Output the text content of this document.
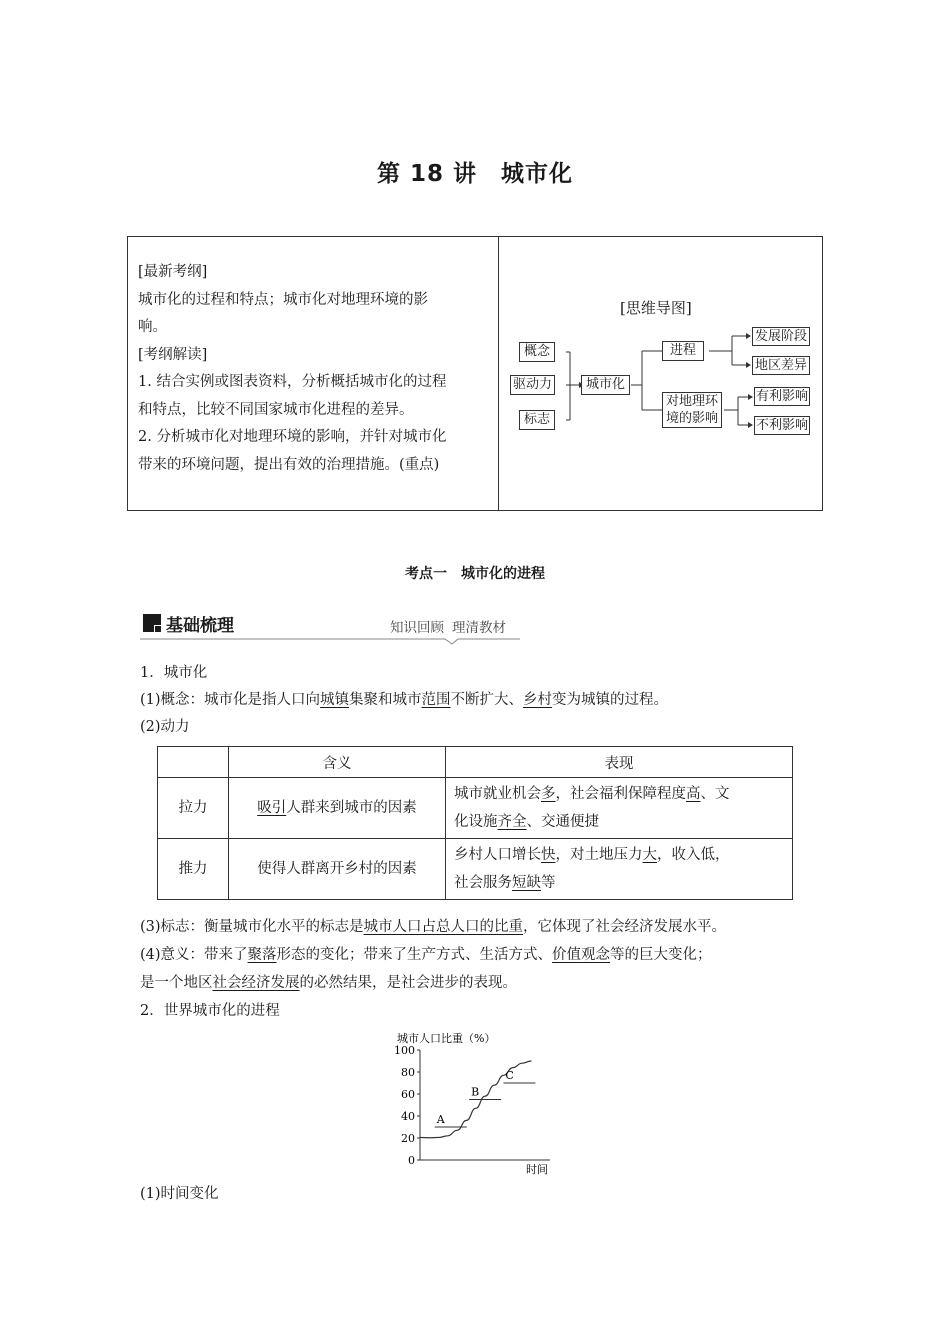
第 18 讲 城市化
[最新考纲]
城市化的过程和特点；城市化对地理环境的影
响。
[考纲解读]
1. 结合实例或图表资料，分析概括城市化的过程
和特点，比较不同国家城市化进程的差异。
2. 分析城市化对地理环境的影响，并针对城市化
带来的环境问题，提出有效的治理措施。(重点)
[思维导图]
概念
驱动力
标志
城市化
进程
对地理环
境的影响
发展阶段
地区差异
有利影响
不利影响
考点一 城市化的进程
基础梳理	知识回顾 理清教材
1．城市化
(1)概念：城市化是指人口向城镇集聚和城市范围不断扩大、乡村变为城镇的过程。
(2)动力
	含义	表现
拉力	吸引人群来到城市的因素	城市就业机会多，社会福利保障程度高、文
化设施齐全、交通便捷
推力	使得人群离开乡村的因素	乡村人口增长快，对土地压力大，收入低，
社会服务短缺等
(3)标志：衡量城市化水平的标志是城市人口占总人口的比重，它体现了社会经济发展水平。
(4)意义：带来了聚落形态的变化；带来了生产方式、生活方式、价值观念等的巨大变化；
是一个地区社会经济发展的必然结果，是社会进步的表现。
2．世界城市化的进程
城市人口比重（%）
0
20
40
60
80
100
A
B
C
时间
(1)时间变化
